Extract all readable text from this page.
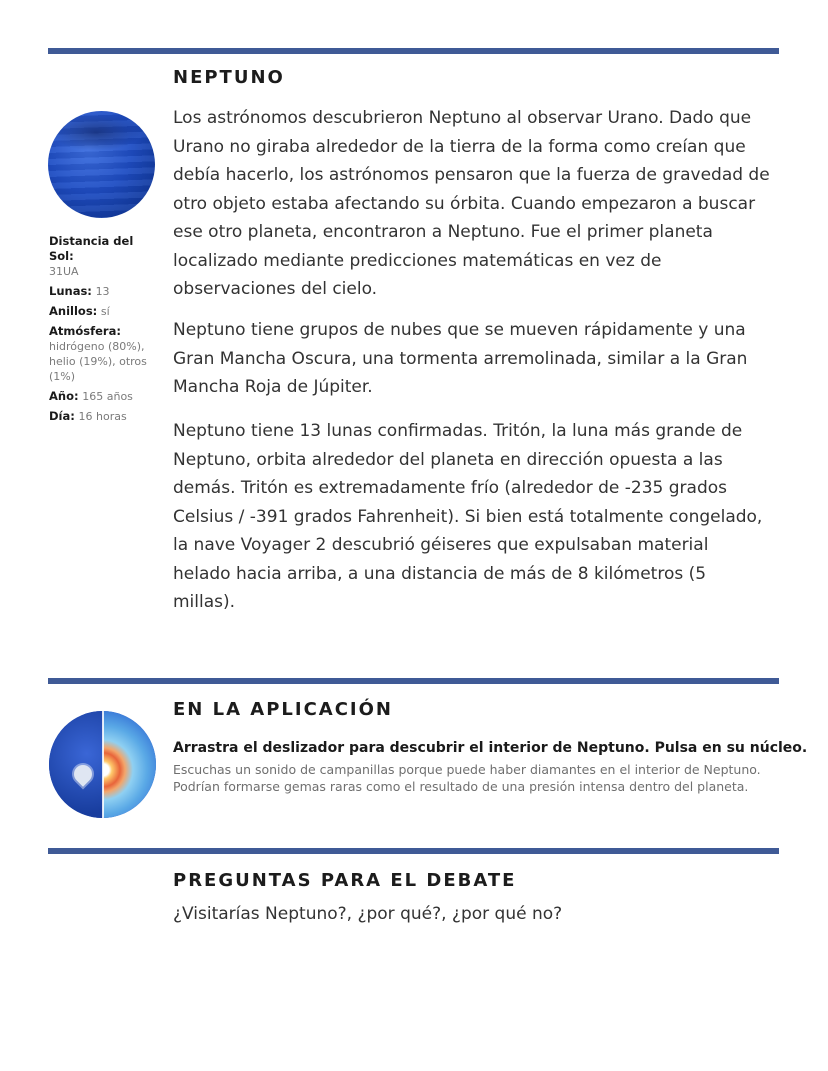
NEPTUNO
Distancia del Sol:
31UA
Lunas: 13
Anillos: sí
Atmósfera:
hidrógeno (80%), helio (19%), otros (1%)
Año: 165 años
Día: 16 horas

Los astrónomos descubrieron Neptuno al observar Urano. Dado que Urano no giraba alrededor de la tierra de la forma como creían que debía hacerlo, los astrónomos pensaron que la fuerza de gravedad de otro objeto estaba afectando su órbita. Cuando empezaron a buscar ese otro planeta, encontraron a Neptuno. Fue el primer planeta localizado mediante predicciones matemáticas en vez de observaciones del cielo.

Neptuno tiene grupos de nubes que se mueven rápidamente y una Gran Mancha Oscura, una tormenta arremolinada, similar a la Gran Mancha Roja de Júpiter.

Neptuno tiene 13 lunas confirmadas. Tritón, la luna más grande de Neptuno, orbita alrededor del planeta en dirección opuesta a las demás. Tritón es extremadamente frío (alrededor de -235 grados Celsius / -391 grados Fahrenheit). Si bien está totalmente congelado, la nave Voyager 2 descubrió géiseres que expulsaban material helado hacia arriba, a una distancia de más de 8 kilómetros (5 millas).

EN LA APLICACIÓN

Arrastra el deslizador para descubrir el interior de Neptuno. Pulsa en su núcleo.

Escuchas un sonido de campanillas porque puede haber diamantes en el interior de Neptuno. Podrían formarse gemas raras como el resultado de una presión intensa dentro del planeta.

PREGUNTAS PARA EL DEBATE

¿Visitarías Neptuno?, ¿por qué?, ¿por qué no?
